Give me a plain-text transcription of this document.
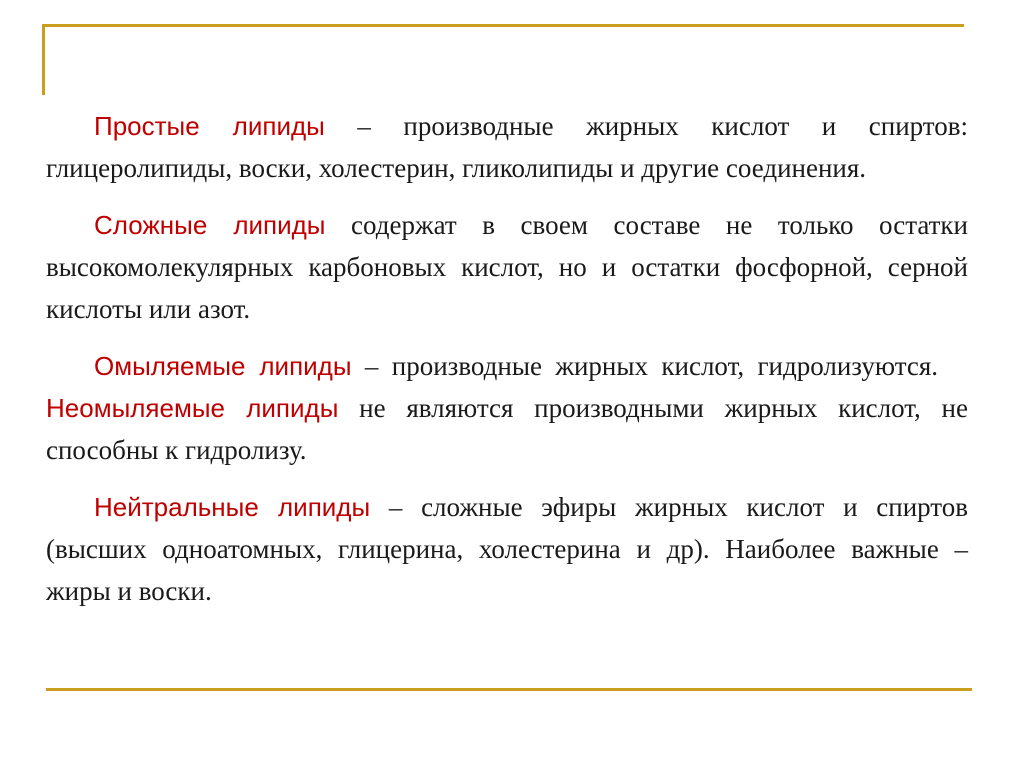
Простые липиды – производные жирных кислот и спиртов: глицеролипиды, воски, холестерин, гликолипиды и другие соединения.

Сложные липиды содержат в своем составе не только остатки высокомолекулярных карбоновых кислот, но и остатки фосфорной, серной кислоты или азот.

Омыляемые липиды – производные жирных кислот, гидролизуются.Неомыляемые липиды не являются производными жирных кислот, не способны к гидролизу.

Нейтральные липиды – сложные эфиры жирных кислот и спиртов (высших одноатомных, глицерина, холестерина и др). Наиболее важные – жиры и воски.
